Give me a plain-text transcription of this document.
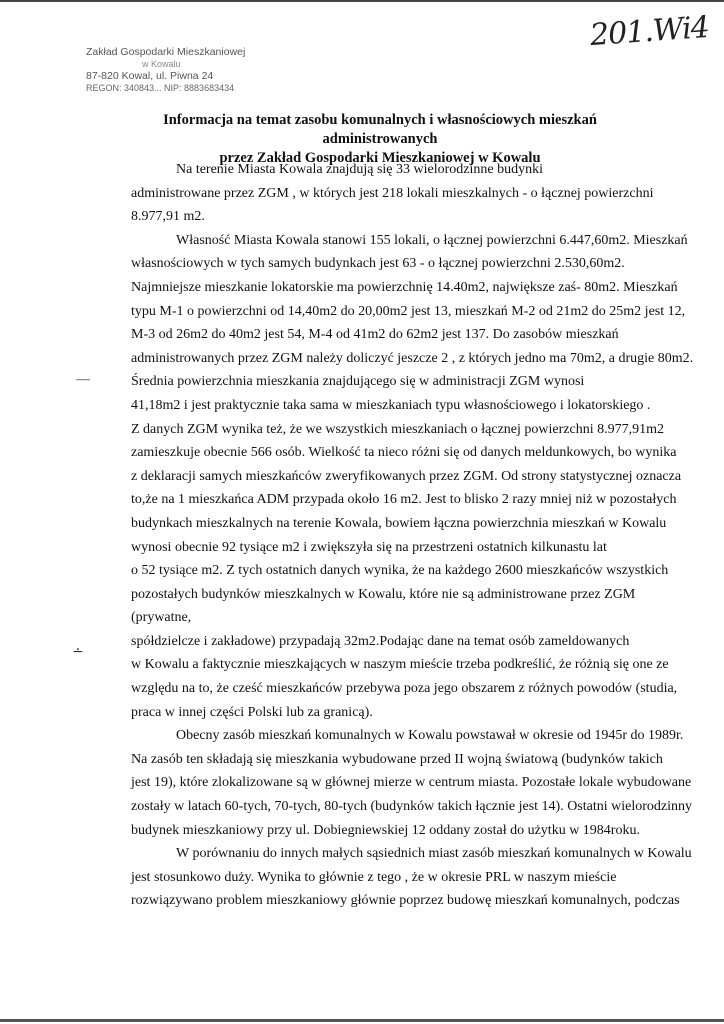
Zakład Gospodarki Mieszkaniowej
w Kowalu
87-820 Kowal, ul. Piwna 24
REGON: 340843... NIP: 8883683434
201.Wi4
Informacja na temat zasobu komunalnych i własnościowych mieszkań administrowanych
przez Zakład Gospodarki Mieszkaniowej w Kowalu
Na terenie Miasta Kowala znajdują się 33 wielorodzinne budynki
administrowane przez ZGM , w których jest 218 lokali mieszkalnych - o łącznej powierzchni
8.977,91 m2.
Własność Miasta Kowala stanowi 155 lokali, o łącznej powierzchni 6.447,60m2. Mieszkań
własnościowych w tych samych budynkach jest 63 - o łącznej powierzchni 2.530,60m2.
Najmniejsze mieszkanie lokatorskie ma powierzchnię 14.40m2, największe zaś- 80m2. Mieszkań
typu M-1 o powierzchni od 14,40m2 do 20,00m2 jest 13, mieszkań M-2 od 21m2 do 25m2 jest 12,
M-3 od 26m2 do 40m2 jest 54, M-4 od 41m2 do 62m2 jest 137. Do zasobów mieszkań
administrowanych przez ZGM należy doliczyć jeszcze 2 , z których jedno ma 70m2, a drugie 80m2.
Średnia powierzchnia mieszkania znajdującego się w administracji ZGM wynosi
41,18m2 i jest praktycznie taka sama w mieszkaniach typu własnościowego i lokatorskiego .
Z danych ZGM wynika też, że we wszystkich mieszkaniach o łącznej powierzchni 8.977,91m2
zamieszkuje obecnie 566 osób. Wielkość ta nieco różni się od danych meldunkowych, bo wynika
z deklaracji samych mieszkańców zweryfikowanych przez ZGM. Od strony statystycznej oznacza
to,że na 1 mieszkańca ADM przypada około 16 m2. Jest to blisko 2 razy mniej niż w pozostałych
budynkach mieszkalnych na terenie Kowala, bowiem łączna powierzchnia mieszkań w Kowalu
wynosi obecnie 92 tysiące m2 i zwiększyła się na przestrzeni ostatnich kilkunastu lat
o 52 tysiące m2. Z tych ostatnich danych wynika, że na każdego 2600 mieszkańców wszystkich
pozostałych budynków mieszkalnych w Kowalu, które nie są administrowane przez ZGM
(prywatne,
spółdzielcze i zakładowe) przypadają 32m2.Podając dane na temat osób zameldowanych
w Kowalu a faktycznie mieszkających w naszym mieście trzeba podkreślić, że różnią się one ze
względu na to, że cześć mieszkańców przebywa poza jego obszarem z różnych powodów (studia,
praca w innej części Polski lub za granicą).
Obecny zasób mieszkań komunalnych w Kowalu powstawał w okresie od 1945r do 1989r.
Na zasób ten składają się mieszkania wybudowane przed II wojną światową (budynków takich
jest 19), które zlokalizowane są w głównej mierze w centrum miasta. Pozostałe lokale wybudowane
zostały w latach 60-tych, 70-tych, 80-tych (budynków takich łącznie jest 14). Ostatni wielorodzinny
budynek mieszkaniowy przy ul. Dobiegniewskiej 12 oddany został do użytku w 1984roku.
W porównaniu do innych małych sąsiednich miast zasób mieszkań komunalnych w Kowalu
jest stosunkowo duży. Wynika to głównie z tego , że w okresie PRL w naszym mieście
rozwiązywano problem mieszkaniowy głównie poprzez budowę mieszkań komunalnych, podczas
—
∸
